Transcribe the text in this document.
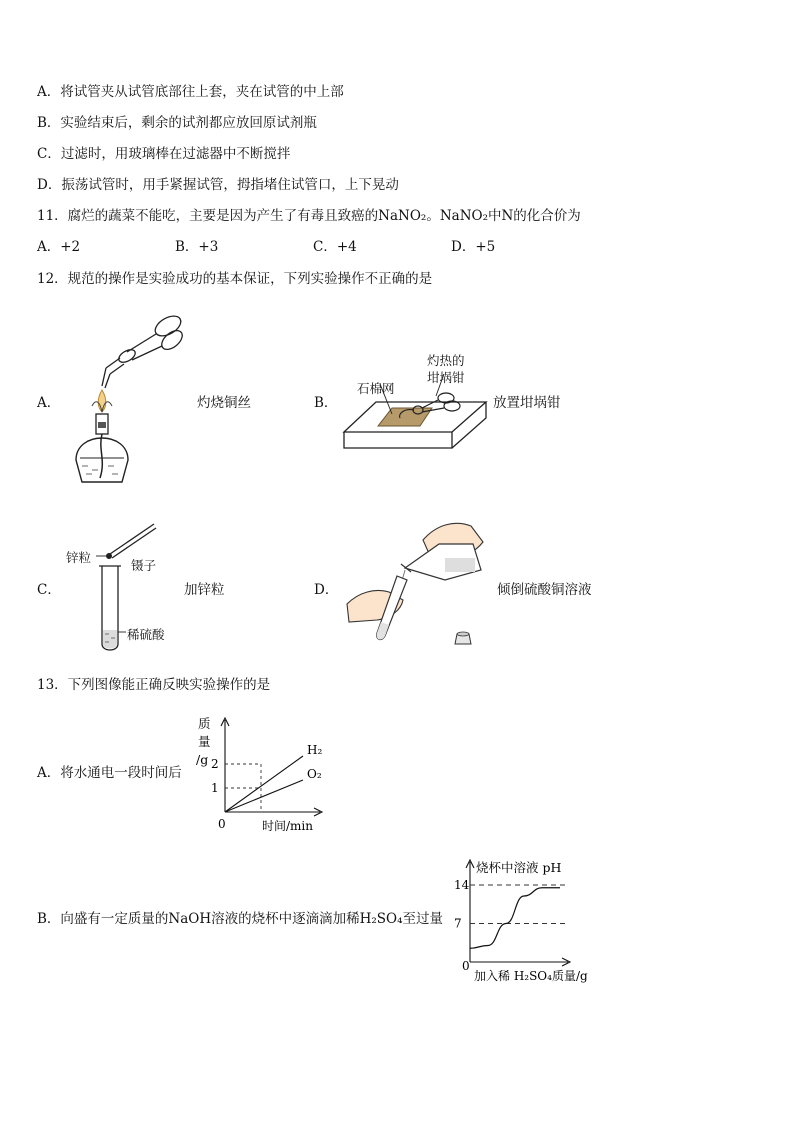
A．将试管夹从试管底部往上套，夹在试管的中上部
B．实验结束后，剩余的试剂都应放回原试剂瓶
C．过滤时，用玻璃棒在过滤器中不断搅拌
D．振荡试管时，用手紧握试管，拇指堵住试管口，上下晃动
11．腐烂的蔬菜不能吃，主要是因为产生了有毒且致癌的NaNO₂。NaNO₂中N的化合价为
A．+2	B．+3	C．+4	D．+5
12．规范的操作是实验成功的基本保证，下列实验操作不正确的是
A．	灼烧铜丝	B．	放置坩埚钳
石棉网
灼热的
坩埚钳
C．	加锌粒
锌粒
镊子
稀硫酸
D．	倾倒硫酸铜溶液
13．下列图像能正确反映实验操作的是
A．将水通电一段时间后
B．向盛有一定质量的NaOH溶液的烧杯中逐滴滴加稀H₂SO₄至过量
质
量
/g
0	时间/min
1
2
H₂
O₂
烧杯中溶液 pH
0
加入稀 H₂SO₄质量/g
7
14
